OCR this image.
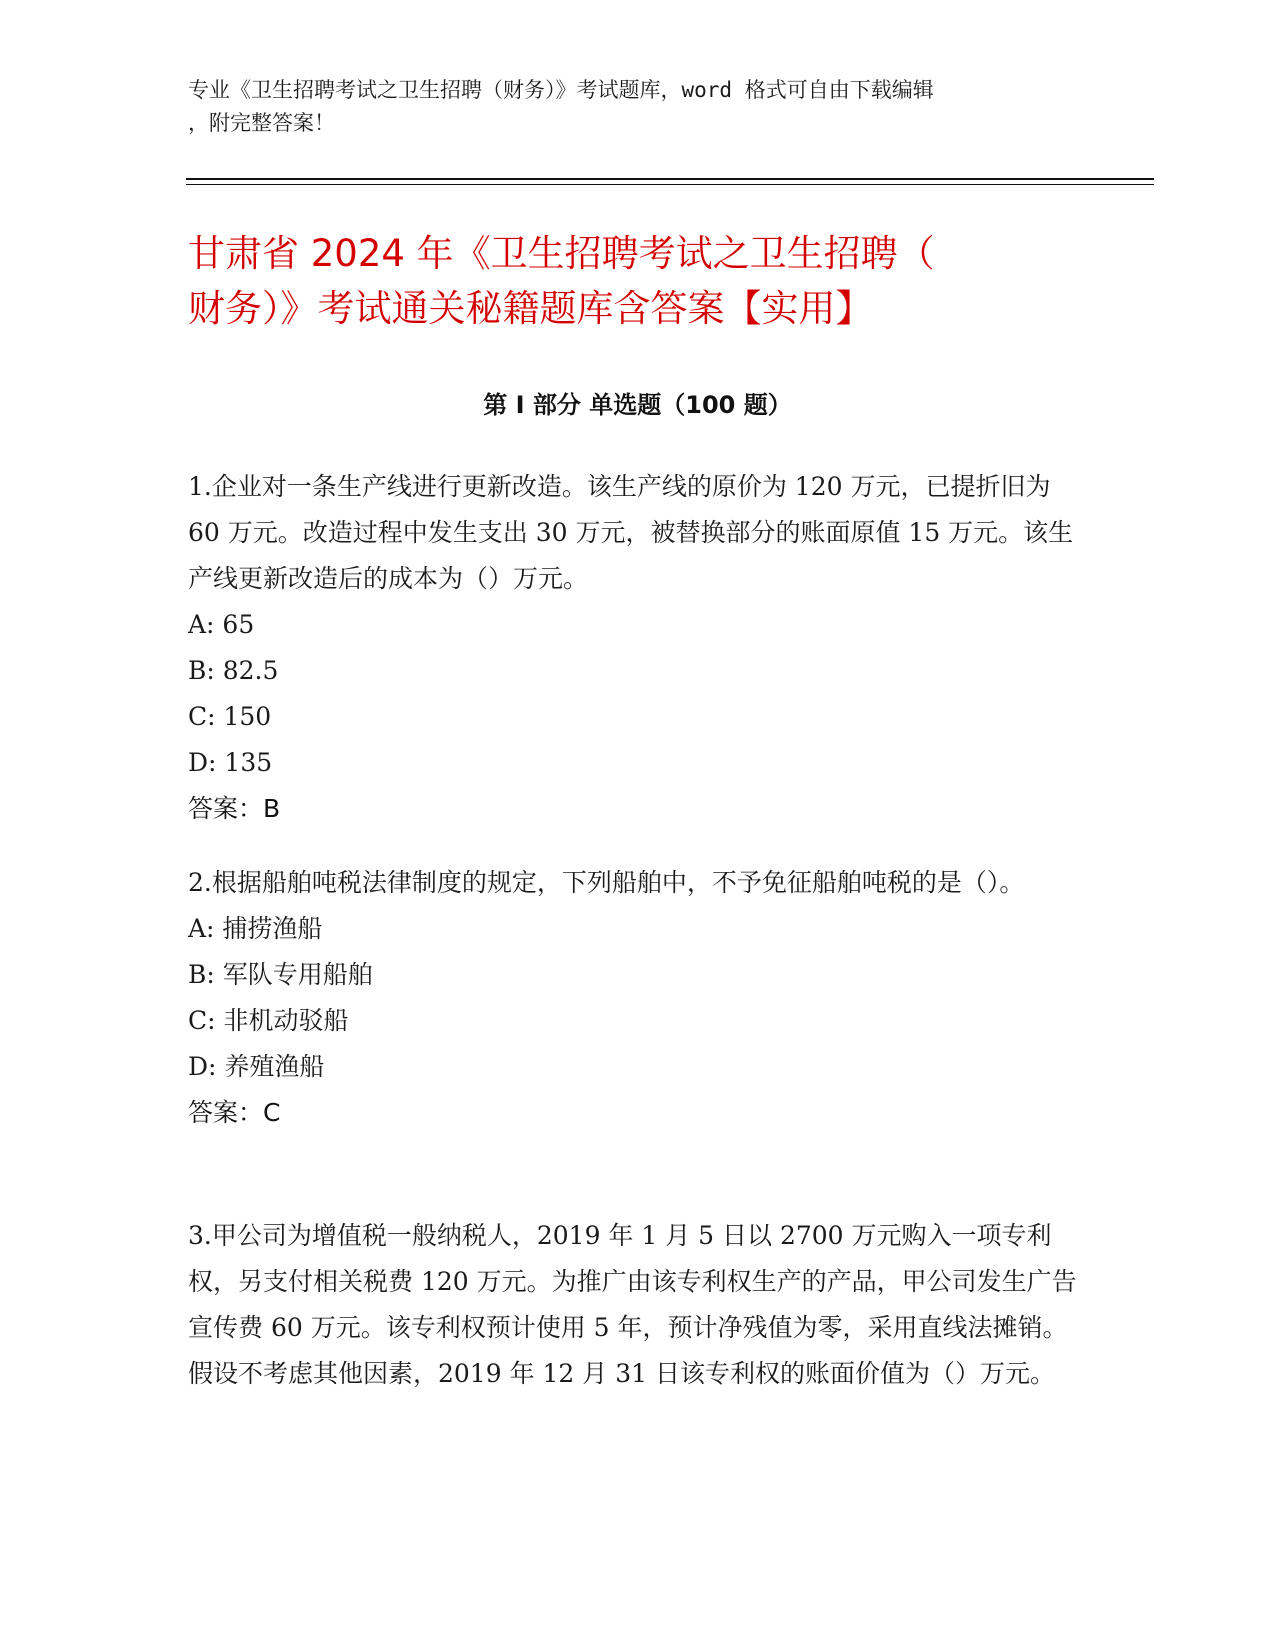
专业《卫生招聘考试之卫生招聘（财务）》考试题库，word 格式可自由下载编辑
，附完整答案！
甘肃省 2024 年《卫生招聘考试之卫生招聘（
财务）》考试通关秘籍题库含答案【实用】
第 I 部分 单选题（100 题）

1.企业对一条生产线进行更新改造。该生产线的原价为 120 万元，已提折旧为 60 万元。改造过程中发生支出 30 万元，被替换部分的账面原值 15 万元。该生产线更新改造后的成本为（）万元。

A: 65

B: 82.5

C: 150

D: 135

答案：B

2.根据船舶吨税法律制度的规定，下列船舶中，不予免征船舶吨税的是（）。

A: 捕捞渔船

B: 军队专用船舶

C: 非机动驳船

D: 养殖渔船

答案：C

3.甲公司为增值税一般纳税人，2019 年 1 月 5 日以 2700 万元购入一项专利权，另支付相关税费 120 万元。为推广由该专利权生产的产品，甲公司发生广告宣传费 60 万元。该专利权预计使用 5 年，预计净残值为零，采用直线法摊销。假设不考虑其他因素，2019 年 12 月 31 日该专利权的账面价值为（）万元。
